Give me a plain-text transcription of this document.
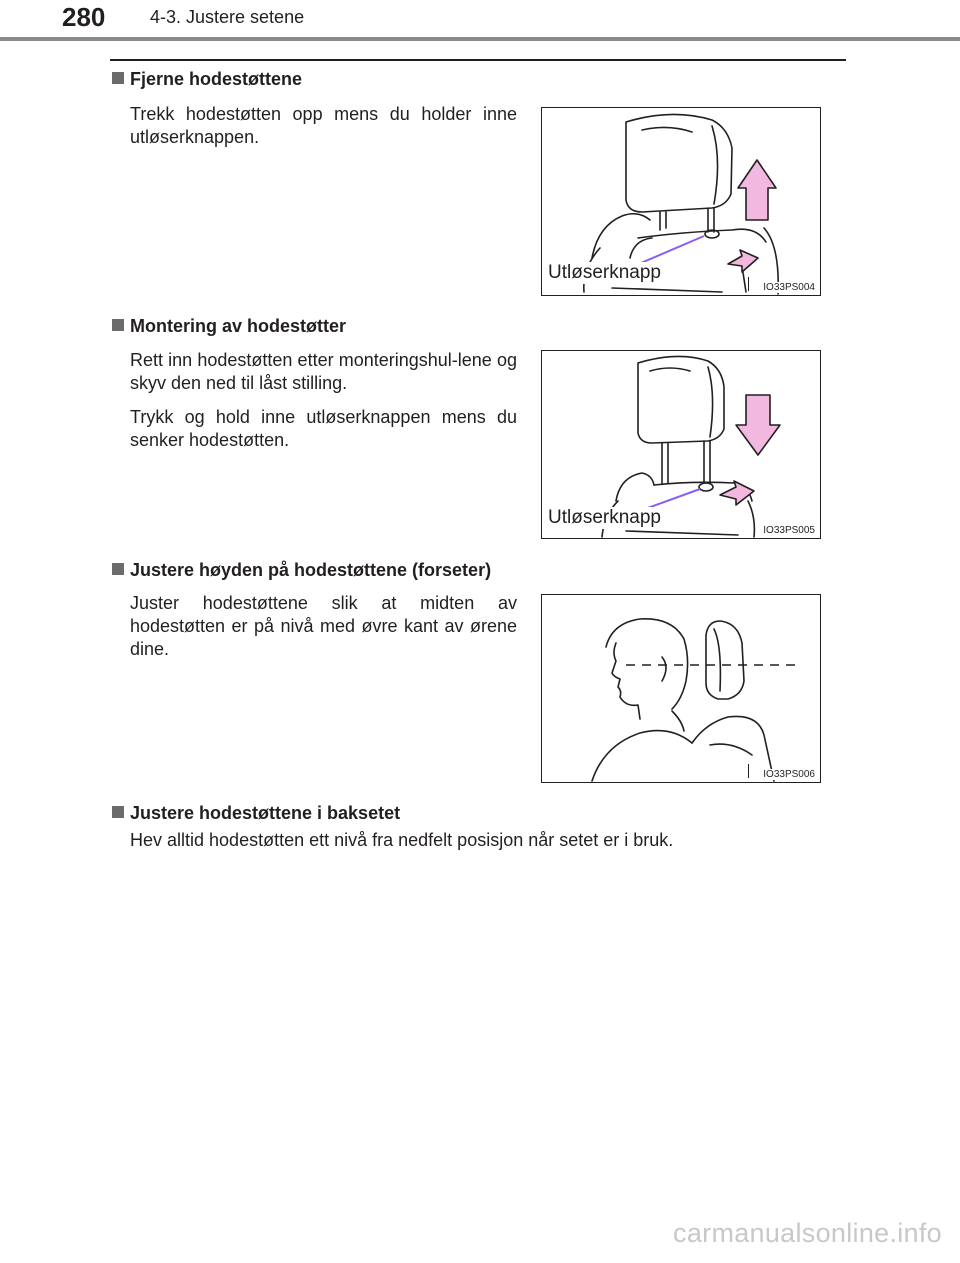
280 4-3. Justere setene
Fjerne hodestøttene

Trekk hodestøtten opp mens du holder inne utløserknappen.

Utløserknapp
IO33PS004
Montering av hodestøtter

Rett inn hodestøtten etter monteringshul-lene og skyv den ned til låst stilling.

Trykk og hold inne utløserknappen mens du senker hodestøtten.

Utløserknapp
IO33PS005
Justere høyden på hodestøttene (forseter)

Juster hodestøttene slik at midten av hodestøtten er på nivå med øvre kant av ørene dine.

IO33PS006
Justere hodestøttene i baksetet
Hev alltid hodestøtten ett nivå fra nedfelt posisjon når setet er i bruk.
carmanualsonline.info
